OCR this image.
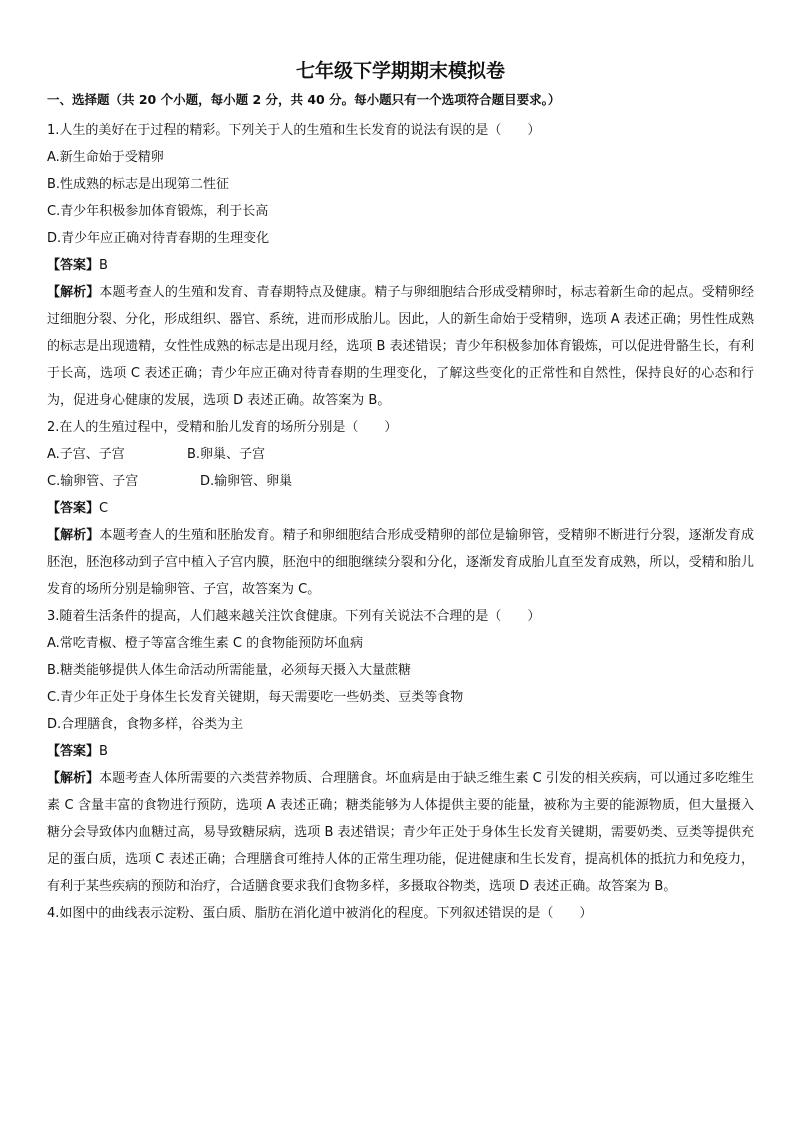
七年级下学期期末模拟卷
一、选择题（共 20 个小题，每小题 2 分，共 40 分。每小题只有一个选项符合题目要求。）
1.人生的美好在于过程的精彩。下列关于人的生殖和生长发育的说法有误的是（　　）
A.新生命始于受精卵
B.性成熟的标志是出现第二性征
C.青少年积极参加体育锻炼，利于长高
D.青少年应正确对待青春期的生理变化
【答案】B
【解析】本题考查人的生殖和发育、青春期特点及健康。精子与卵细胞结合形成受精卵时，标志着新生命的起点。受精卵经过细胞分裂、分化，形成组织、器官、系统，进而形成胎儿。因此，人的新生命始于受精卵，选项 A 表述正确；男性性成熟的标志是出现遗精，女性性成熟的标志是出现月经，选项 B 表述错误；青少年积极参加体育锻炼，可以促进骨骼生长，有利于长高，选项 C 表述正确；青少年应正确对待青春期的生理变化，了解这些变化的正常性和自然性，保持良好的心态和行为，促进身心健康的发展，选项 D 表述正确。故答案为 B。
2.在人的生殖过程中，受精和胎儿发育的场所分别是（　　）
A.子宫、子宫	B.卵巢、子宫
C.输卵管、子宫	D.输卵管、卵巢
【答案】C
【解析】本题考查人的生殖和胚胎发育。精子和卵细胞结合形成受精卵的部位是输卵管，受精卵不断进行分裂，逐渐发育成胚泡，胚泡移动到子宫中植入子宫内膜，胚泡中的细胞继续分裂和分化，逐渐发育成胎儿直至发育成熟，所以，受精和胎儿发育的场所分别是输卵管、子宫，故答案为 C。
3.随着生活条件的提高，人们越来越关注饮食健康。下列有关说法不合理的是（　　）
A.常吃青椒、橙子等富含维生素 C 的食物能预防坏血病
B.糖类能够提供人体生命活动所需能量，必须每天摄入大量蔗糖
C.青少年正处于身体生长发育关键期，每天需要吃一些奶类、豆类等食物
D.合理膳食，食物多样，谷类为主
【答案】B
【解析】本题考查人体所需要的六类营养物质、合理膳食。坏血病是由于缺乏维生素 C 引发的相关疾病，可以通过多吃维生素 C 含量丰富的食物进行预防，选项 A 表述正确；糖类能够为人体提供主要的能量，被称为主要的能源物质，但大量摄入糖分会导致体内血糖过高，易导致糖尿病，选项 B 表述错误；青少年正处于身体生长发育关键期，需要奶类、豆类等提供充足的蛋白质，选项 C 表述正确；合理膳食可维持人体的正常生理功能，促进健康和生长发育，提高机体的抵抗力和免疫力，有利于某些疾病的预防和治疗，合适膳食要求我们食物多样，多摄取谷物类，选项 D 表述正确。故答案为 B。
4.如图中的曲线表示淀粉、蛋白质、脂肪在消化道中被消化的程度。下列叙述错误的是（　　）
